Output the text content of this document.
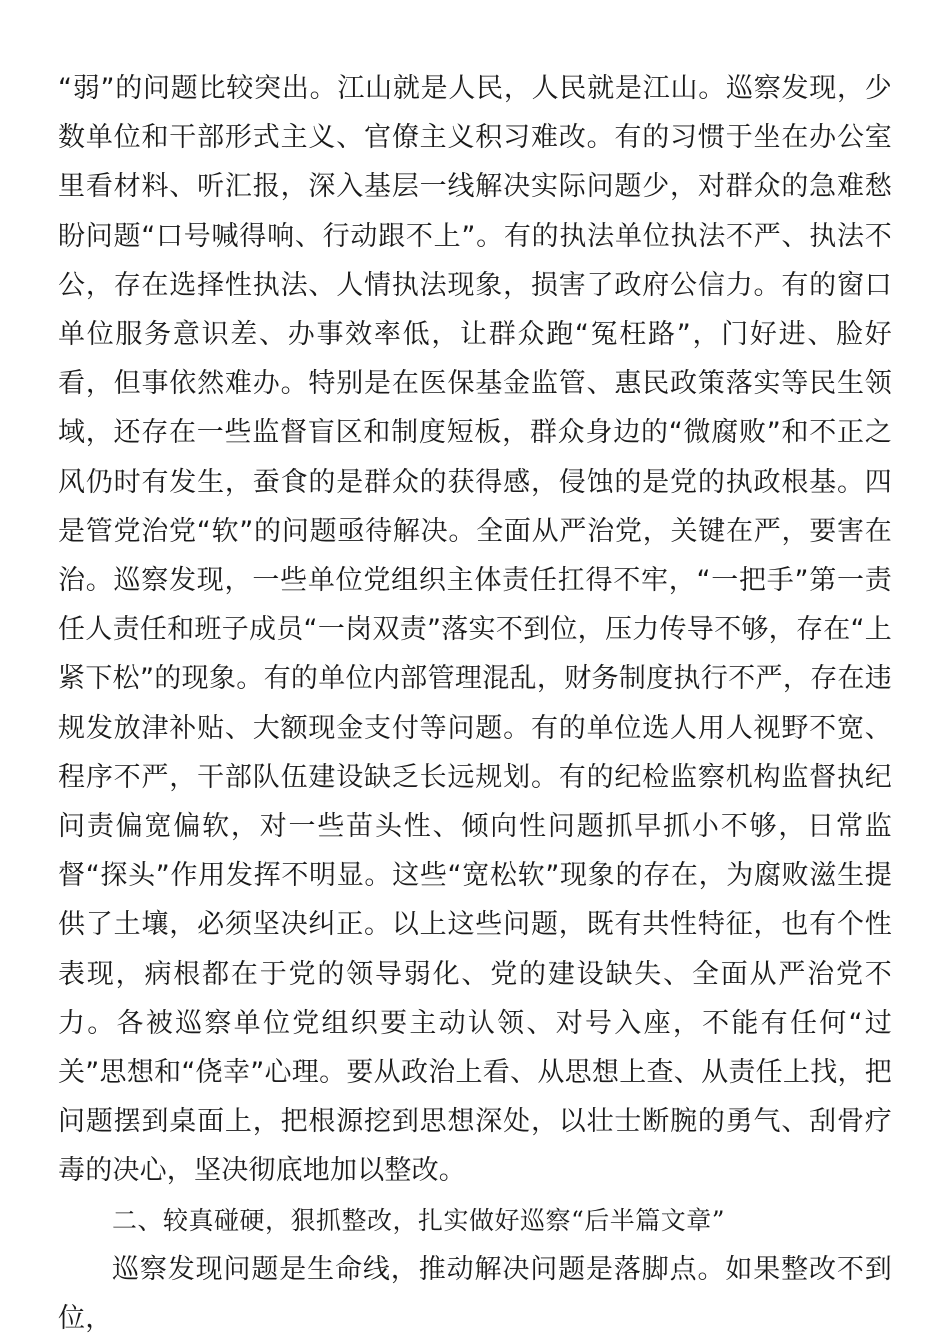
“弱”的问题比较突出。江山就是人民，人民就是江山。巡察发现，少数单位和干部形式主义、官僚主义积习难改。有的习惯于坐在办公室里看材料、听汇报，深入基层一线解决实际问题少，对群众的急难愁盼问题“口号喊得响、行动跟不上”。有的执法单位执法不严、执法不公，存在选择性执法、人情执法现象，损害了政府公信力。有的窗口单位服务意识差、办事效率低，让群众跑“冤枉路”，门好进、脸好看，但事依然难办。特别是在医保基金监管、惠民政策落实等民生领域，还存在一些监督盲区和制度短板，群众身边的“微腐败”和不正之风仍时有发生，蚕食的是群众的获得感，侵蚀的是党的执政根基。四是管党治党“软”的问题亟待解决。全面从严治党，关键在严，要害在治。巡察发现，一些单位党组织主体责任扛得不牢，“一把手”第一责任人责任和班子成员“一岗双责”落实不到位，压力传导不够，存在“上紧下松”的现象。有的单位内部管理混乱，财务制度执行不严，存在违规发放津补贴、大额现金支付等问题。有的单位选人用人视野不宽、程序不严，干部队伍建设缺乏长远规划。有的纪检监察机构监督执纪问责偏宽偏软，对一些苗头性、倾向性问题抓早抓小不够，日常监督“探头”作用发挥不明显。这些“宽松软”现象的存在，为腐败滋生提供了土壤，必须坚决纠正。以上这些问题，既有共性特征，也有个性表现，病根都在于党的领导弱化、党的建设缺失、全面从严治党不力。各被巡察单位党组织要主动认领、对号入座，不能有任何“过关”思想和“侥幸”心理。要从政治上看、从思想上查、从责任上找，把问题摆到桌面上，把根源挖到思想深处，以壮士断腕的勇气、刮骨疗毒的决心，坚决彻底地加以整改。

二、较真碰硬，狠抓整改，扎实做好巡察“后半篇文章”

巡察发现问题是生命线，推动解决问题是落脚点。如果整改不到位，
